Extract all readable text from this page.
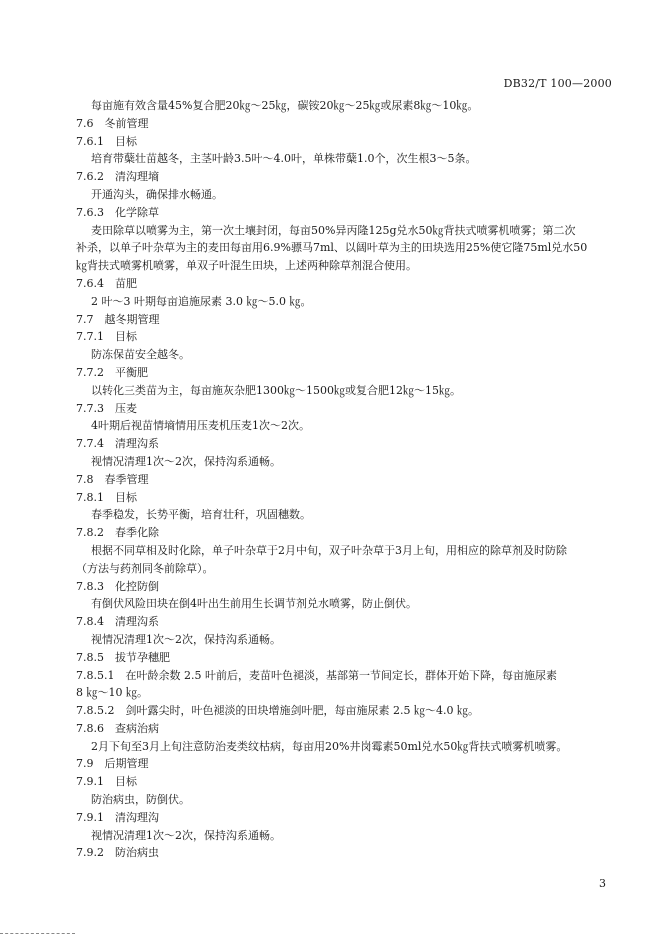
DB32/T 100—2000
每亩施有效含量45%复合肥20㎏～25㎏，碳铵20㎏～25㎏或尿素8㎏～10㎏。
7.6　冬前管理
7.6.1　目标
培育带蘖壮苗越冬，主茎叶龄3.5叶～4.0叶，单株带蘖1.0个，次生根3～5条。
7.6.2　清沟理墒
开通沟头，确保排水畅通。
7.6.3　化学除草
麦田除草以喷雾为主，第一次土壤封闭，每亩50%异丙隆125g兑水50㎏背扶式喷雾机喷雾；第二次
补杀，以单子叶杂草为主的麦田每亩用6.9%骠马7ml、以阔叶草为主的田块选用25%使它隆75ml兑水50
㎏背扶式喷雾机喷雾，单双子叶混生田块，上述两种除草剂混合使用。
7.6.4　苗肥
2 叶～3 叶期每亩追施尿素 3.0 ㎏～5.0 ㎏。
7.7　越冬期管理
7.7.1　目标
防冻保苗安全越冬。
7.7.2　平衡肥
以转化三类苗为主，每亩施灰杂肥1300㎏～1500㎏或复合肥12㎏～15㎏。
7.7.3　压麦
4叶期后视苗情墒情用压麦机压麦1次～2次。
7.7.4　清理沟系
视情况清理1次～2次，保持沟系通畅。
7.8　春季管理
7.8.1　目标
春季稳发，长势平衡，培育壮秆，巩固穗数。
7.8.2　春季化除
根据不同草相及时化除，单子叶杂草于2月中旬，双子叶杂草于3月上旬，用相应的除草剂及时防除
（方法与药剂同冬前除草）。
7.8.3　化控防倒
有倒伏风险田块在倒4叶出生前用生长调节剂兑水喷雾，防止倒伏。
7.8.4　清理沟系
视情况清理1次～2次，保持沟系通畅。
7.8.5　拔节孕穗肥
7.8.5.1　在叶龄余数 2.5 叶前后，麦苗叶色褪淡，基部第一节间定长，群体开始下降，每亩施尿素
8 ㎏～10 ㎏。
7.8.5.2　剑叶露尖时，叶色褪淡的田块增施剑叶肥，每亩施尿素 2.5 ㎏～4.0 ㎏。
7.8.6　查病治病
2月下旬至3月上旬注意防治麦类纹枯病，每亩用20%井岗霉素50ml兑水50㎏背扶式喷雾机喷雾。
7.9　后期管理
7.9.1　目标
防治病虫，防倒伏。
7.9.1　清沟理沟
视情况清理1次～2次，保持沟系通畅。
7.9.2　防治病虫
3
